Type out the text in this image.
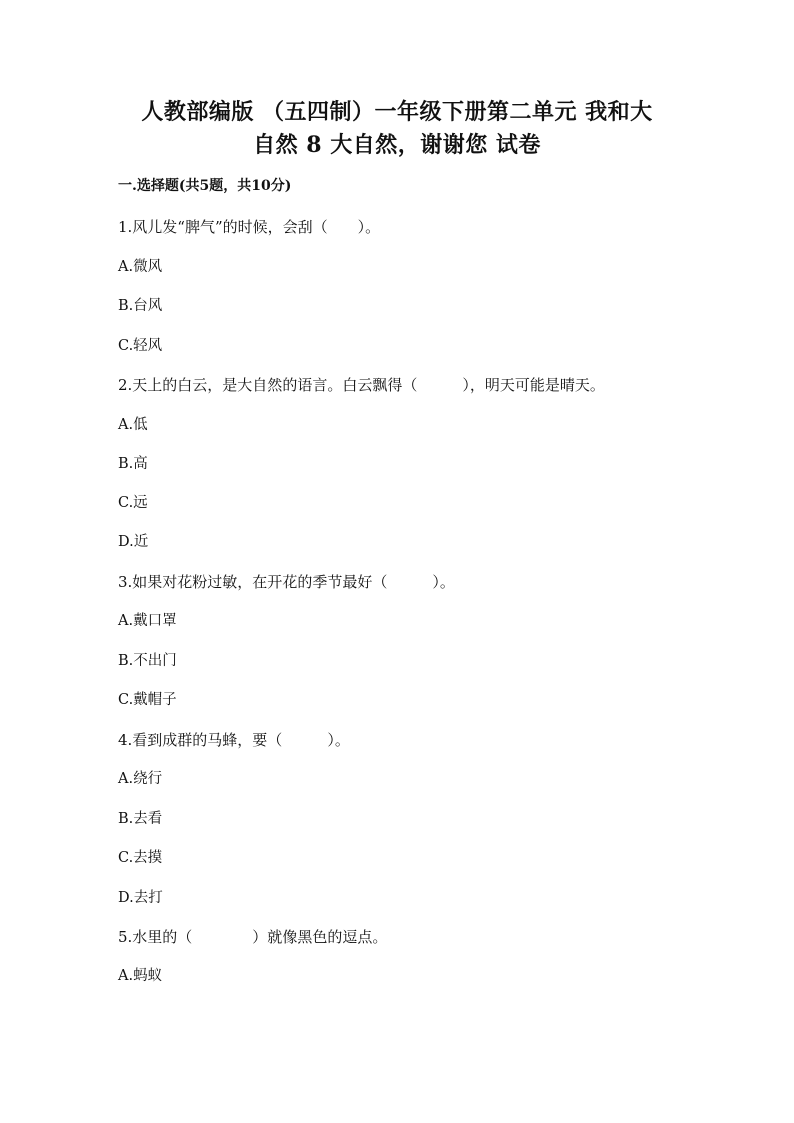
人教部编版 （五四制）一年级下册第二单元 我和大
自然 8 大自然，谢谢您 试卷
一.选择题(共5题，共10分)
1.风儿发“脾气”的时候，会刮（　　）。
A.微风
B.台风
C.轻风
2.天上的白云，是大自然的语言。白云飘得（　　　），明天可能是晴天。
A.低
B.高
C.远
D.近
3.如果对花粉过敏，在开花的季节最好（　　　）。
A.戴口罩
B.不出门
C.戴帽子
4.看到成群的马蜂，要（　　　）。
A.绕行
B.去看
C.去摸
D.去打
5.水里的（　　　　）就像黑色的逗点。
A.蚂蚁
